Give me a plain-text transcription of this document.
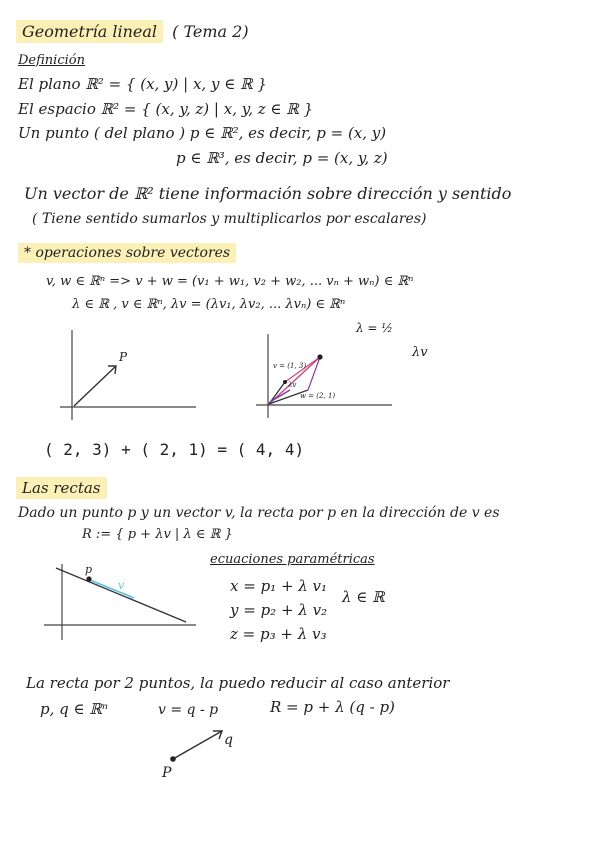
Geometría lineal ( Tema 2)
Definición
El plano ℝ² = { (x, y) | x, y ∈ ℝ }
El espacio ℝ² = { (x, y, z) | x, y, z ∈ ℝ }
Un punto ( del plano ) p ∈ ℝ², es decir, p = (x, y)
p ∈ ℝ³, es decir, p = (x, y, z)
Un vector de ℝ² tiene información sobre dirección y sentido
( Tiene sentido sumarlos y multiplicarlos por escalares)
* operaciones sobre vectores
v, w ∈ ℝⁿ => v + w = (v₁ + w₁, v₂ + w₂, ... vₙ + wₙ) ∈ ℝⁿ
λ ∈ ℝ , v ∈ ℝⁿ, λv = (λv₁, λv₂, ... λvₙ) ∈ ℝⁿ
λ = ½
λv
P
v = (1, 3)
w = (2, 1)
λv
( 2, 3) + ( 2, 1) = ( 4, 4)
Las rectas
Dado un punto p y un vector v, la recta por p en la dirección de v es
R := { p + λv | λ ∈ ℝ }
ecuaciones paramétricas
x = p₁ + λ v₁
y = p₂ + λ v₂
z = p₃ + λ v₃
λ ∈ ℝ
p
v
La recta por 2 puntos, la puedo reducir al caso anterior
p, q ∈ ℝⁿ	v = q - p	R = p + λ (q - p)
q
P
